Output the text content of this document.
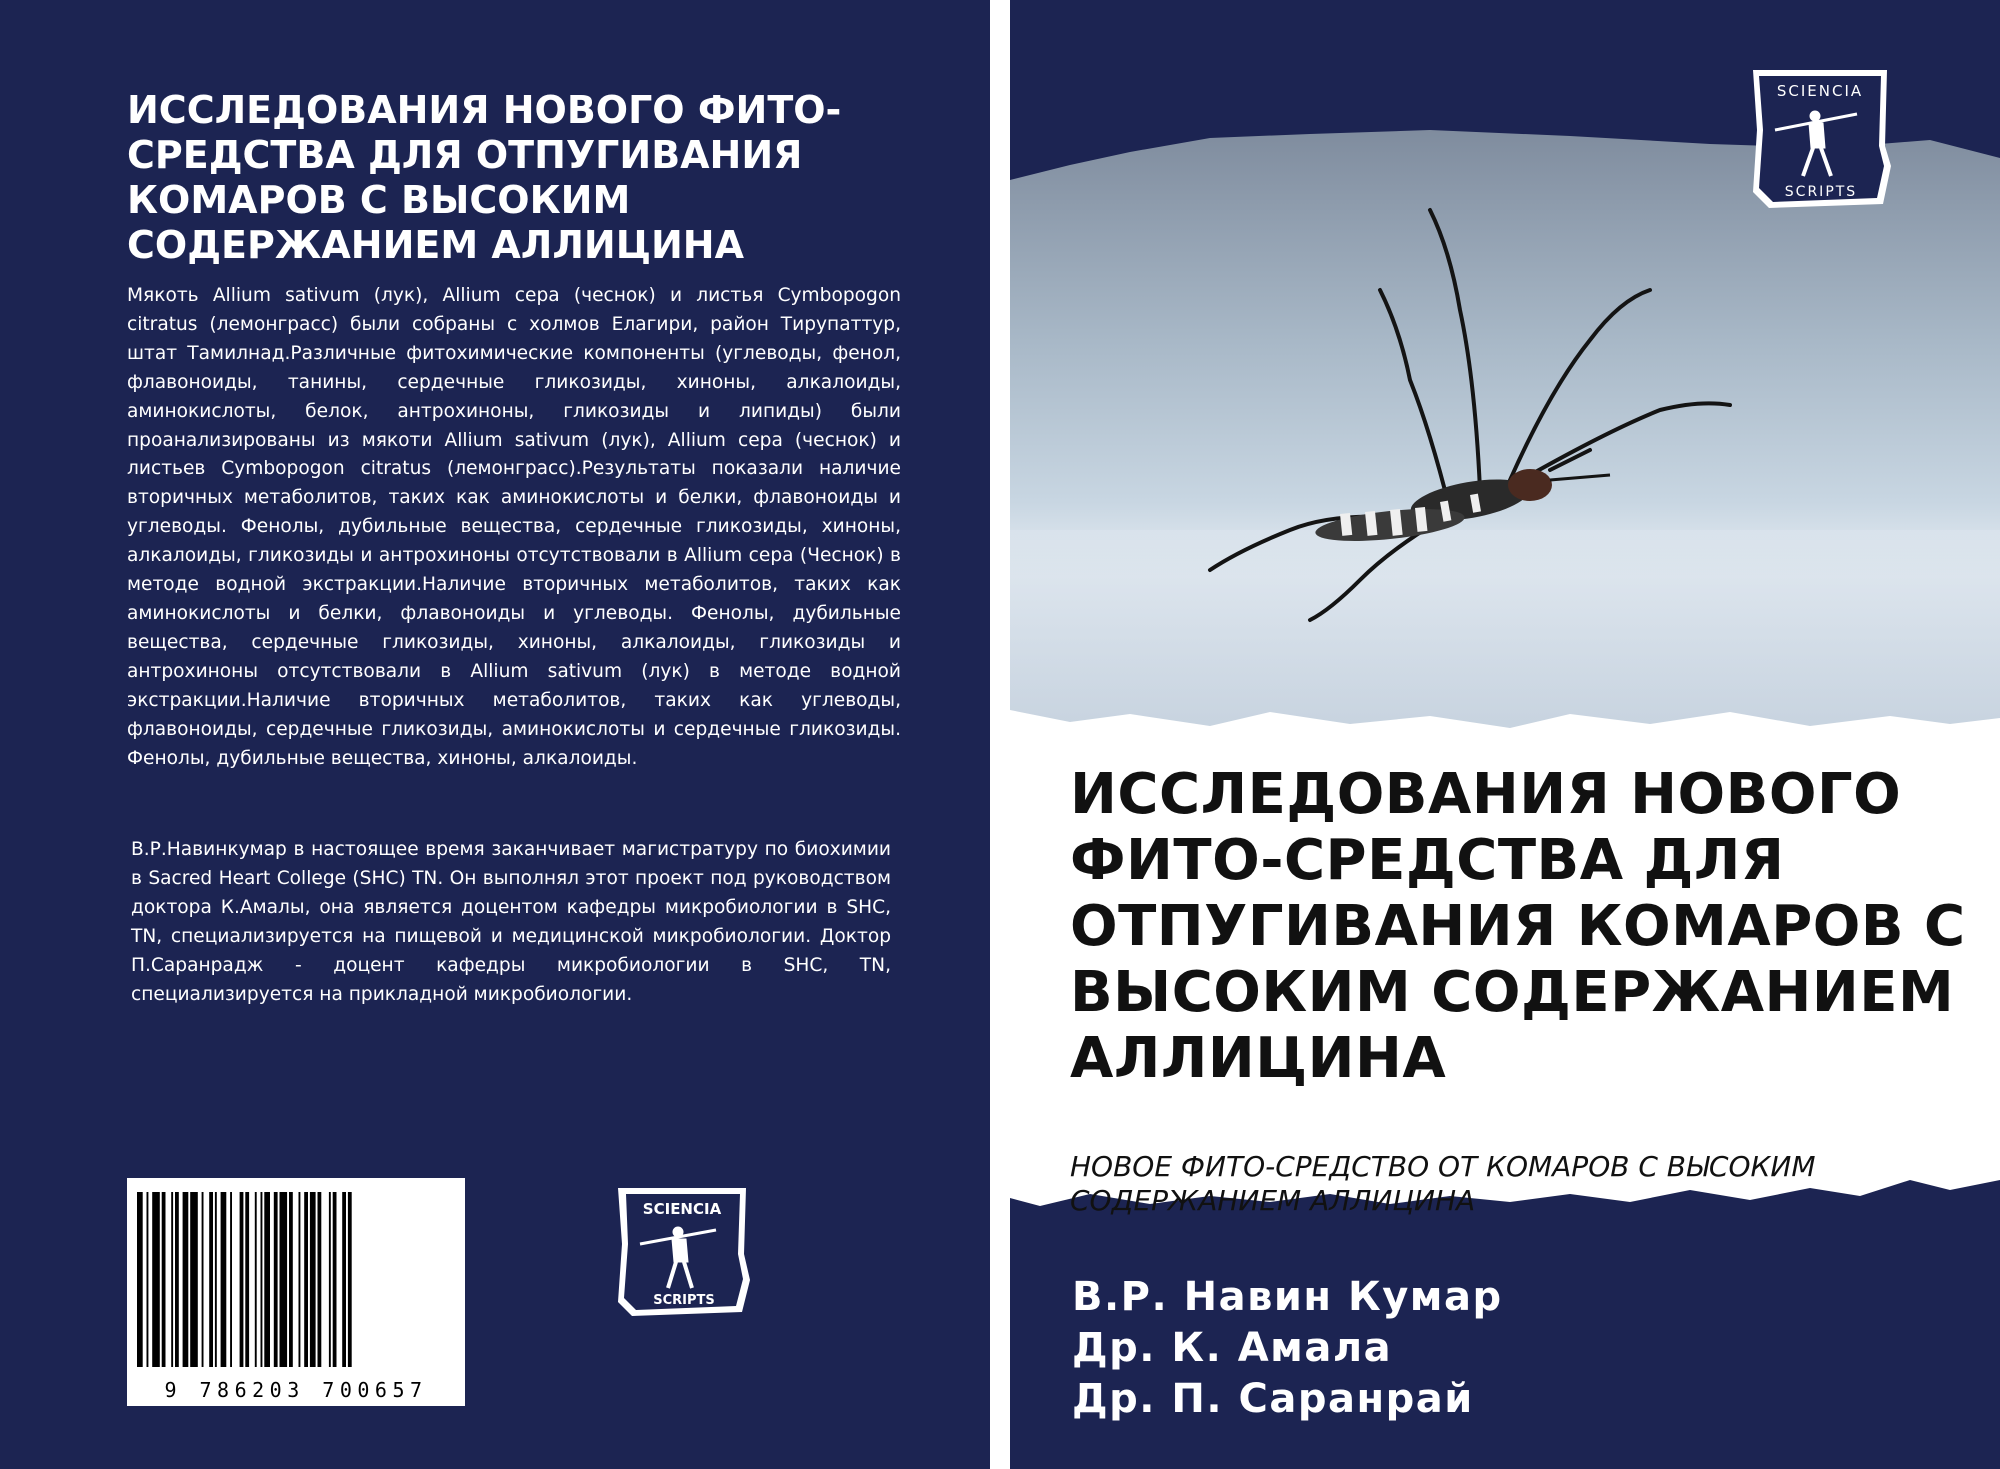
ИССЛЕДОВАНИЯ НОВОГО ФИТО-СРЕДСТВА ДЛЯ ОТПУГИВАНИЯ КОМАРОВ С ВЫСОКИМ СОДЕРЖАНИЕМ АЛЛИЦИНА

Мякоть Allium sativum (лук), Allium cepa (чеснок) и листья Cymbopogon citratus (лемонграсс) были собраны с холмов Елагири, район Тирупаттур, штат Тамилнад.Различные фитохимические компоненты (углеводы, фенол, флавоноиды, танины, сердечные гликозиды, хиноны, алкалоиды, аминокислоты, белок, антрохиноны, гликозиды и липиды) были проанализированы из мякоти Allium sativum (лук), Allium cepa (чеснок) и листьев Cymbopogon citratus (лемонграсс).Результаты показали наличие вторичных метаболитов, таких как аминокислоты и белки, флавоноиды и углеводы. Фенолы, дубильные вещества, сердечные гликозиды, хиноны, алкалоиды, гликозиды и антрохиноны отсутствовали в Allium cepa (Чеснок) в методе водной экстракции.Наличие вторичных метаболитов, таких как аминокислоты и белки, флавоноиды и углеводы. Фенолы, дубильные вещества, сердечные гликозиды, хиноны, алкалоиды, гликозиды и антрохиноны отсутствовали в Allium sativum (лук) в методе водной экстракции.Наличие вторичных метаболитов, таких как углеводы, флавоноиды, сердечные гликозиды, аминокислоты и сердечные гликозиды. Фенолы, дубильные вещества, хиноны, алкалоиды.

В.Р.Навинкумар в настоящее время заканчивает магистратуру по биохимии в Sacred Heart College (SHC) TN. Он выполнял этот проект под руководством доктора К.Амалы, она является доцентом кафедры микробиологии в SHC, TN, специализируется на пищевой и медицинской микробиологии. Доктор П.Саранрадж - доцент кафедры микробиологии в SHC, TN, специализируется на прикладной микробиологии.

9 786203 700657
SCIENCIA
SCRIPTS
ИССЛЕДОВАНИЯ НОВОГО ФИТО-СРЕДСТВА ДЛЯ ОТПУГИВАНИЯ КОМАРОВ С ВЫСОКИМ СОДЕРЖАНИЕМ АЛЛИЦИНА

НОВОЕ ФИТО-СРЕДСТВО ОТ КОМАРОВ С ВЫСОКИМ СОДЕРЖАНИЕМ АЛЛИЦИНА

В.Р. Навин Кумар
Др. К. Амала
Др. П. Саранрай
SCIENCIA
SCRIPTS
